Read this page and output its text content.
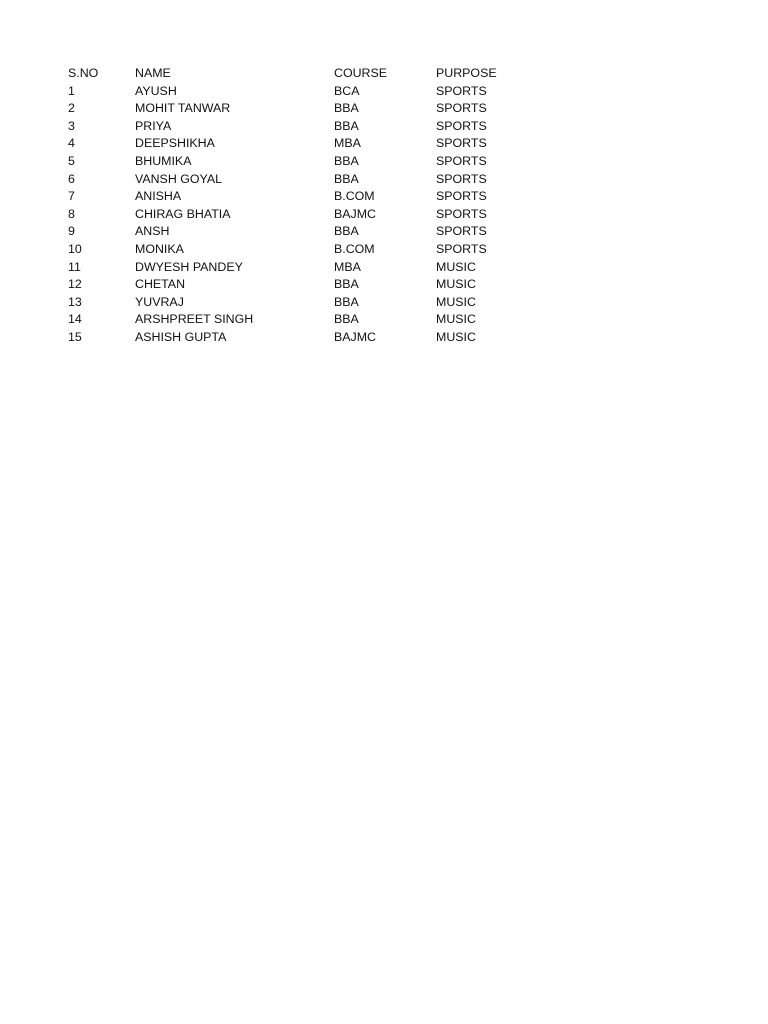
S.NO	NAME	COURSE	PURPOSE
1	AYUSH	BCA	SPORTS
2	MOHIT TANWAR	BBA	SPORTS
3	PRIYA	BBA	SPORTS
4	DEEPSHIKHA	MBA	SPORTS
5	BHUMIKA	BBA	SPORTS
6	VANSH GOYAL	BBA	SPORTS
7	ANISHA	B.COM	SPORTS
8	CHIRAG BHATIA	BAJMC	SPORTS
9	ANSH	BBA	SPORTS
10	MONIKA	B.COM	SPORTS
11	DWYESH PANDEY	MBA	MUSIC
12	CHETAN	BBA	MUSIC
13	YUVRAJ	BBA	MUSIC
14	ARSHPREET SINGH	BBA	MUSIC
15	ASHISH GUPTA	BAJMC	MUSIC
